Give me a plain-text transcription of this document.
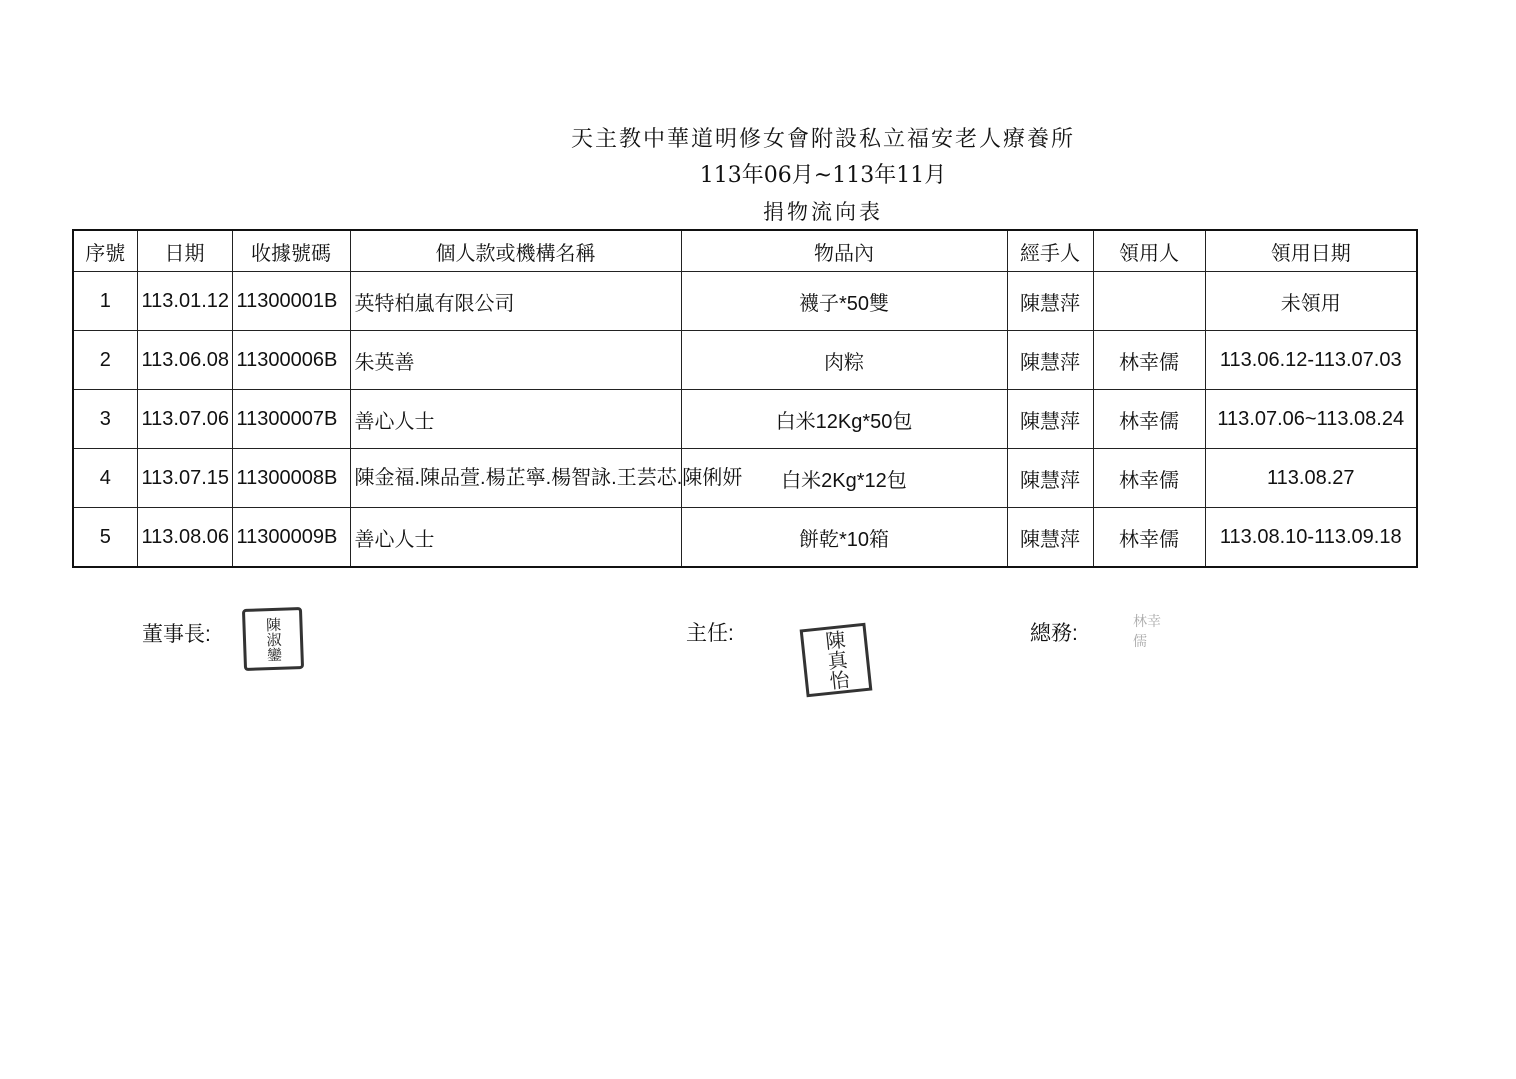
天主教中華道明修女會附設私立福安老人療養所
113年06月~113年11月
捐物流向表
序號	日期	收據號碼	個人款或機構名稱	物品內	經手人	領用人	領用日期
1	113.01.12	11300001B	英特柏嵐有限公司	襪子*50雙	陳慧萍		未領用
2	113.06.08	11300006B	朱英善	肉粽	陳慧萍	林幸儒	113.06.12-113.07.03
3	113.07.06	11300007B	善心人士	白米12Kg*50包	陳慧萍	林幸儒	113.07.06~113.08.24
4	113.07.15	11300008B	陳金福.陳品萱.楊芷寧.楊智詠.王芸芯.陳俐妍	白米2Kg*12包	陳慧萍	林幸儒	113.08.27
5	113.08.06	11300009B	善心人士	餅乾*10箱	陳慧萍	林幸儒	113.08.10-113.09.18
董事長:	陳淑鑾	主任:	陳真怡	總務:	林幸儒
